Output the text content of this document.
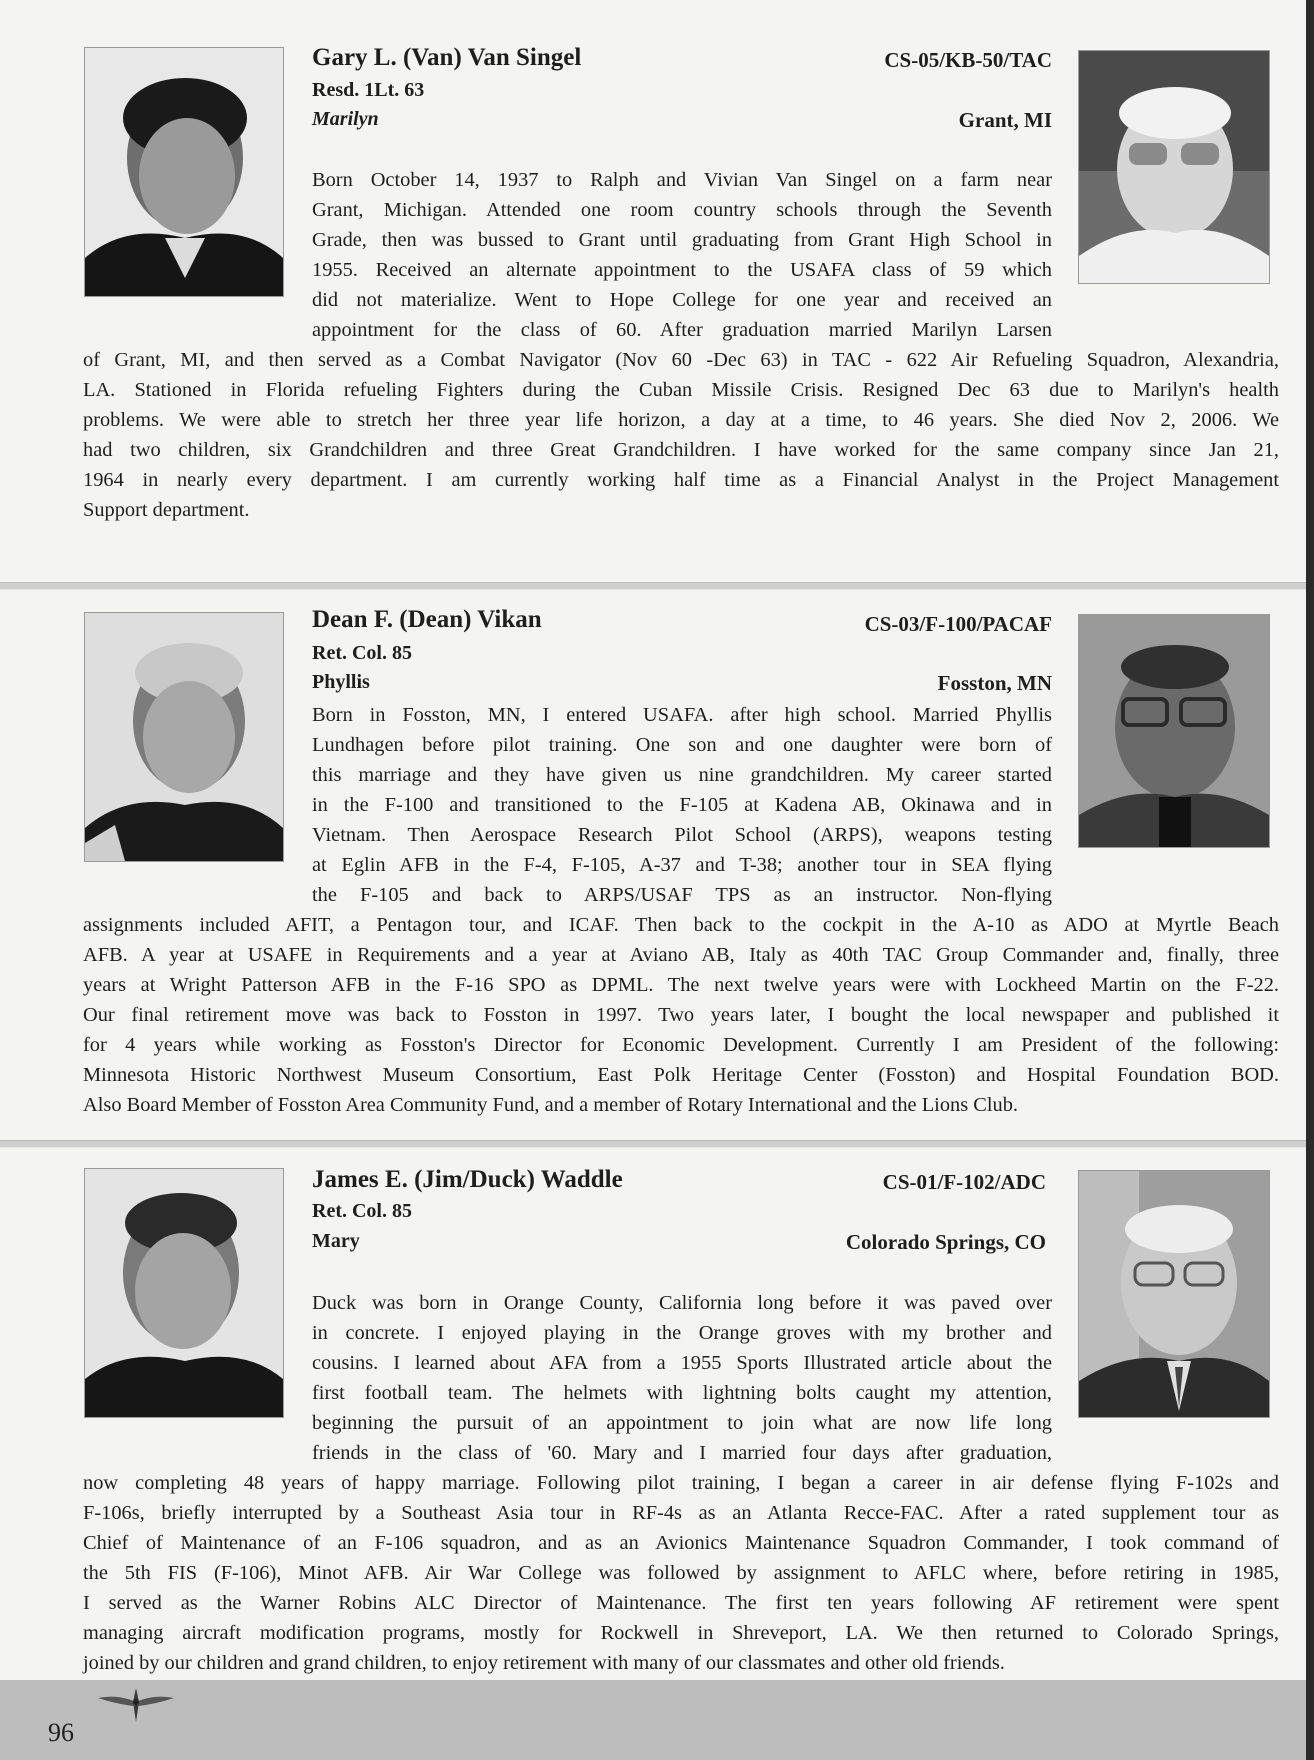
Gary L. (Van) Van Singel	CS-05/KB-50/TAC
Resd. 1Lt. 63
Marilyn	Grant, MI
Born October 14, 1937 to Ralph and Vivian Van Singel on a farm near
Grant, Michigan. Attended one room country schools through the Seventh
Grade, then was bussed to Grant until graduating from Grant High School in
1955. Received an alternate appointment to the USAFA class of 59 which
did not materialize. Went to Hope College for one year and received an
appointment for the class of 60. After graduation married Marilyn Larsen
of Grant, MI, and then served as a Combat Navigator (Nov 60 -Dec 63) in TAC - 622 Air Refueling Squadron, Alexandria,
LA. Stationed in Florida refueling Fighters during the Cuban Missile Crisis. Resigned Dec 63 due to Marilyn's health
problems. We were able to stretch her three year life horizon, a day at a time, to 46 years. She died Nov 2, 2006. We
had two children, six Grandchildren and three Great Grandchildren. I have worked for the same company since Jan 21,
1964 in nearly every department. I am currently working half time as a Financial Analyst in the Project Management
Support department.
Dean F. (Dean) Vikan	CS-03/F-100/PACAF
Ret. Col. 85
Phyllis	Fosston, MN
Born in Fosston, MN, I entered USAFA. after high school. Married Phyllis
Lundhagen before pilot training. One son and one daughter were born of
this marriage and they have given us nine grandchildren. My career started
in the F-100 and transitioned to the F-105 at Kadena AB, Okinawa and in
Vietnam. Then Aerospace Research Pilot School (ARPS), weapons testing
at Eglin AFB in the F-4, F-105, A-37 and T-38; another tour in SEA flying
the F-105 and back to ARPS/USAF TPS as an instructor. Non-flying
assignments included AFIT, a Pentagon tour, and ICAF. Then back to the cockpit in the A-10 as ADO at Myrtle Beach
AFB. A year at USAFE in Requirements and a year at Aviano AB, Italy as 40th TAC Group Commander and, finally, three
years at Wright Patterson AFB in the F-16 SPO as DPML. The next twelve years were with Lockheed Martin on the F-22.
Our final retirement move was back to Fosston in 1997. Two years later, I bought the local newspaper and published it
for 4 years while working as Fosston's Director for Economic Development. Currently I am President of the following:
Minnesota Historic Northwest Museum Consortium, East Polk Heritage Center (Fosston) and Hospital Foundation BOD.
Also Board Member of Fosston Area Community Fund, and a member of Rotary International and the Lions Club.
James E. (Jim/Duck) Waddle	CS-01/F-102/ADC
Ret. Col. 85
Mary	Colorado Springs, CO
Duck was born in Orange County, California long before it was paved over
in concrete. I enjoyed playing in the Orange groves with my brother and
cousins. I learned about AFA from a 1955 Sports Illustrated article about the
first football team. The helmets with lightning bolts caught my attention,
beginning the pursuit of an appointment to join what are now life long
friends in the class of '60. Mary and I married four days after graduation,
now completing 48 years of happy marriage. Following pilot training, I began a career in air defense flying F-102s and
F-106s, briefly interrupted by a Southeast Asia tour in RF-4s as an Atlanta Recce-FAC. After a rated supplement tour as
Chief of Maintenance of an F-106 squadron, and as an Avionics Maintenance Squadron Commander, I took command of
the 5th FIS (F-106), Minot AFB. Air War College was followed by assignment to AFLC where, before retiring in 1985,
I served as the Warner Robins ALC Director of Maintenance. The first ten years following AF retirement were spent
managing aircraft modification programs, mostly for Rockwell in Shreveport, LA. We then returned to Colorado Springs,
joined by our children and grand children, to enjoy retirement with many of our classmates and other old friends.
96
